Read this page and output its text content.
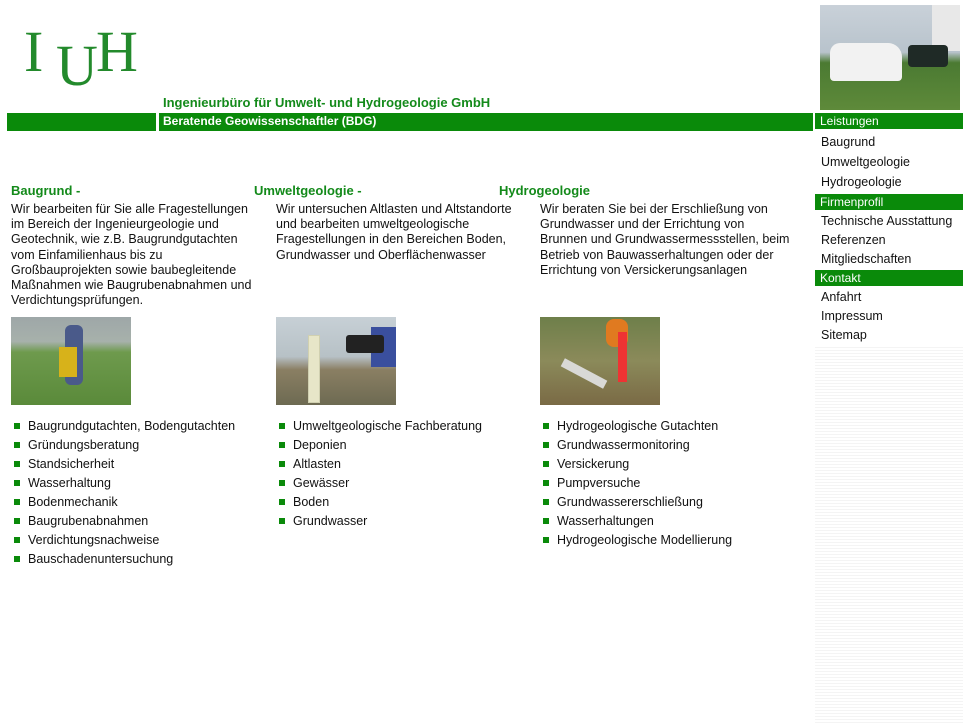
I U
H
Ingenieurbüro für Umwelt- und Hydrogeologie GmbH
Beratende Geowissenschaftler (BDG)	Leistungen
Baugrund
Umweltgeologie
Hydrogeologie
Firmenprofil
Technische Ausstattung
Referenzen
Mitgliedschaften
Kontakt
Anfahrt
Impressum
Sitemap
Baugrund -	Umweltgeologie -	Hydrogeologie
Wir bearbeiten für Sie alle Fragestellungen
im Bereich der Ingenieurgeologie und
Geotechnik, wie z.B. Baugrundgutachten
vom Einfamilienhaus bis zu
Großbauprojekten sowie baubegleitende
Maßnahmen wie Baugrubenabnahmen und
Verdichtungsprüfungen.
Wir untersuchen Altlasten und Altstandorte
und bearbeiten umweltgeologische
Fragestellungen in den Bereichen Boden,
Grundwasser und Oberflächenwasser
Wir beraten Sie bei der Erschließung von
Grundwasser und der Errichtung von
Brunnen und Grundwassermessstellen, beim
Betrieb von Bauwasserhaltungen oder der
Errichtung von Versickerungsanlagen
Baugrundgutachten, Bodengutachten
Gründungsberatung
Standsicherheit
Wasserhaltung
Bodenmechanik
Baugrubenabnahmen
Verdichtungsnachweise
Bauschadenuntersuchung
Umweltgeologische Fachberatung
Deponien
Altlasten
Gewässer
Boden
Grundwasser
Hydrogeologische Gutachten
Grundwassermonitoring
Versickerung
Pumpversuche
Grundwassererschließung
Wasserhaltungen
Hydrogeologische Modellierung
